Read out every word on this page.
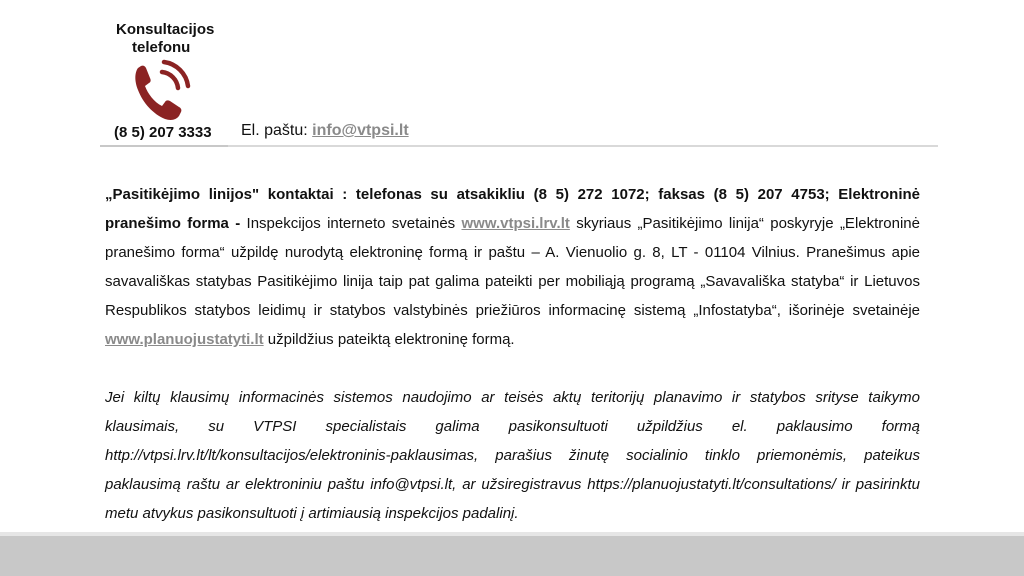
Konsultacijos
telefonu
(8 5) 207 3333 El. paštu: info@vtpsi.lt

„Pasitikėjimo linijos" kontaktai : telefonas su atsakikliu (8 5) 272 1072; faksas (8 5) 207 4753; Elektroninė pranešimo forma - Inspekcijos interneto svetainės www.vtpsi.lrv.lt skyriaus „Pasitikėjimo linija“ poskyryje „Elektroninė pranešimo forma“ užpildę nurodytą elektroninę formą ir paštu – A. Vienuolio g. 8, LT - 01104 Vilnius. Pranešimus apie savavališkas statybas Pasitikėjimo linija taip pat galima pateikti per mobiliąją programą „Savavališka statyba“ ir Lietuvos Respublikos statybos leidimų ir statybos valstybinės priežiūros informacinę sistemą „Infostatyba“, išorinėje svetainėje www.planuojustatyti.lt užpildžius pateiktą elektroninę formą.

Jei kiltų klausimų informacinės sistemos naudojimo ar teisės aktų teritorijų planavimo ir statybos srityse taikymo klausimais, su VTPSI specialistais galima pasikonsultuoti užpildžius el. paklausimo formą http://vtpsi.lrv.lt/lt/konsultacijos/elektroninis-paklausimas, parašius žinutę socialinio tinklo priemonėmis, pateikus paklausimą raštu ar elektroniniu paštu info@vtpsi.lt, ar užsiregistravus https://planuojustatyti.lt/consultations/ ir pasirinktu metu atvykus pasikonsultuoti į artimiausią inspekcijos padalinį.
